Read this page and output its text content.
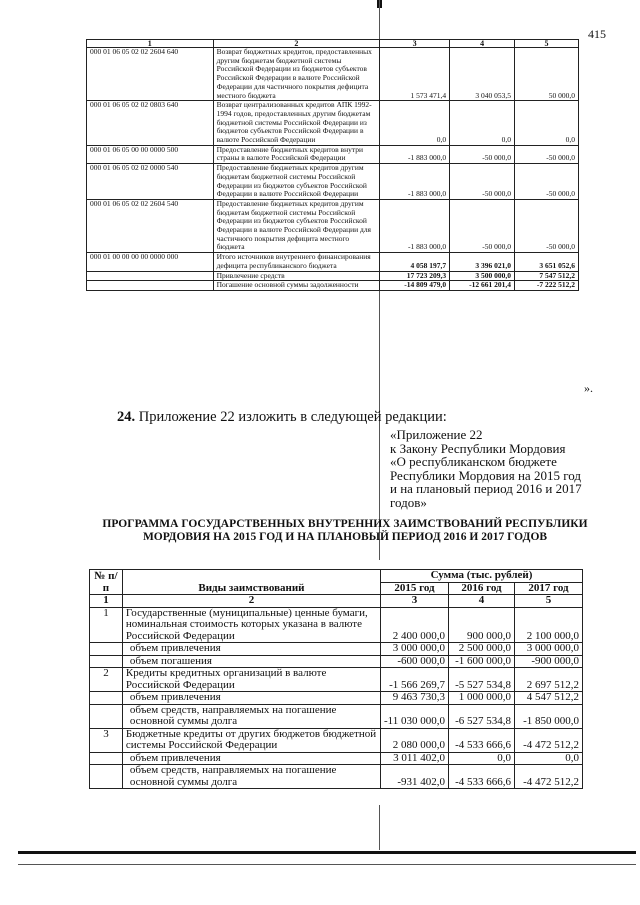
415
1	2	3	4	5
000 01 06 05 02 02 2604 640	Возврат бюджетных кредитов, предоставленных другим бюджетам бюджетной системы Российской Федерации из бюджетов субъектов Российской Федерации в валюте Российской Федерации для частичного покрытия дефицита местного бюджета	1 573 471,4	3 040 053,5	50 000,0
000 01 06 05 02 02 0803 640	Возврат централизованных кредитов АПК 1992-1994 годов, предоставленных другим бюджетам бюджетной системы Российской Федерации из бюджетов субъектов Российской Федерации в валюте Российской Федерации	0,0	0,0	0,0
000 01 06 05 00 00 0000 500	Предоставление бюджетных кредитов внутри страны в валюте Российской Федерации	-1 883 000,0	-50 000,0	-50 000,0
000 01 06 05 02 02 0000 540	Предоставление бюджетных кредитов другим бюджетам бюджетной системы Российской Федерации из бюджетов субъектов Российской Федерации в валюте Российской Федерации	-1 883 000,0	-50 000,0	-50 000,0
000 01 06 05 02 02 2604 540	Предоставление бюджетных кредитов другим бюджетам бюджетной системы Российской Федерации из бюджетов субъектов Российской Федерации в валюте Российской Федерации для частичного покрытия дефицита местного бюджета	-1 883 000,0	-50 000,0	-50 000,0
000 01 00 00 00 00 0000 000	Итого источников внутреннего финансирования дефицита республиканского бюджета	4 058 197,7	3 396 021,0	3 651 052,6
	Привлечение средств	17 723 209,3	3 500 000,0	7 547 512,2
	Погашение основной суммы задолженности	-14 809 479,0	-12 661 201,4	-7 222 512,2
».
24. Приложение 22 изложить в следующей редакции:
«Приложение 22
к Закону Республики Мордовия
«О республиканском бюджете
Республики Мордовия на 2015 год
и на плановый период 2016 и 2017
годов»
ПРОГРАММА ГОСУДАРСТВЕННЫХ ВНУТРЕННИХ ЗАИМСТВОВАНИЙ РЕСПУБЛИКИ МОРДОВИЯ НА 2015 ГОД И НА ПЛАНОВЫЙ ПЕРИОД 2016 И 2017 ГОДОВ
№ п/п	Виды заимствований	Сумма (тыс. рублей)		
		2015 год	2016 год	2017 год
1	2	3	4	5
1	Государственные (муниципальные) ценные бумаги, номинальная стоимость которых указана в валюте Российской Федерации	2 400 000,0	900 000,0	2 100 000,0
	объем привлечения	3 000 000,0	2 500 000,0	3 000 000,0
	объем погашения	-600 000,0	-1 600 000,0	-900 000,0
2	Кредиты кредитных организаций в валюте Российской Федерации	-1 566 269,7	-5 527 534,8	2 697 512,2
	объем привлечения	9 463 730,3	1 000 000,0	4 547 512,2
	объем средств, направляемых на погашение основной суммы долга	-11 030 000,0	-6 527 534,8	-1 850 000,0
3	Бюджетные кредиты от других бюджетов бюджетной системы Российской Федерации	2 080 000,0	-4 533 666,6	-4 472 512,2
	объем привлечения	3 011 402,0	0,0	0,0
	объем средств, направляемых на погашение основной суммы долга	-931 402,0	-4 533 666,6	-4 472 512,2
